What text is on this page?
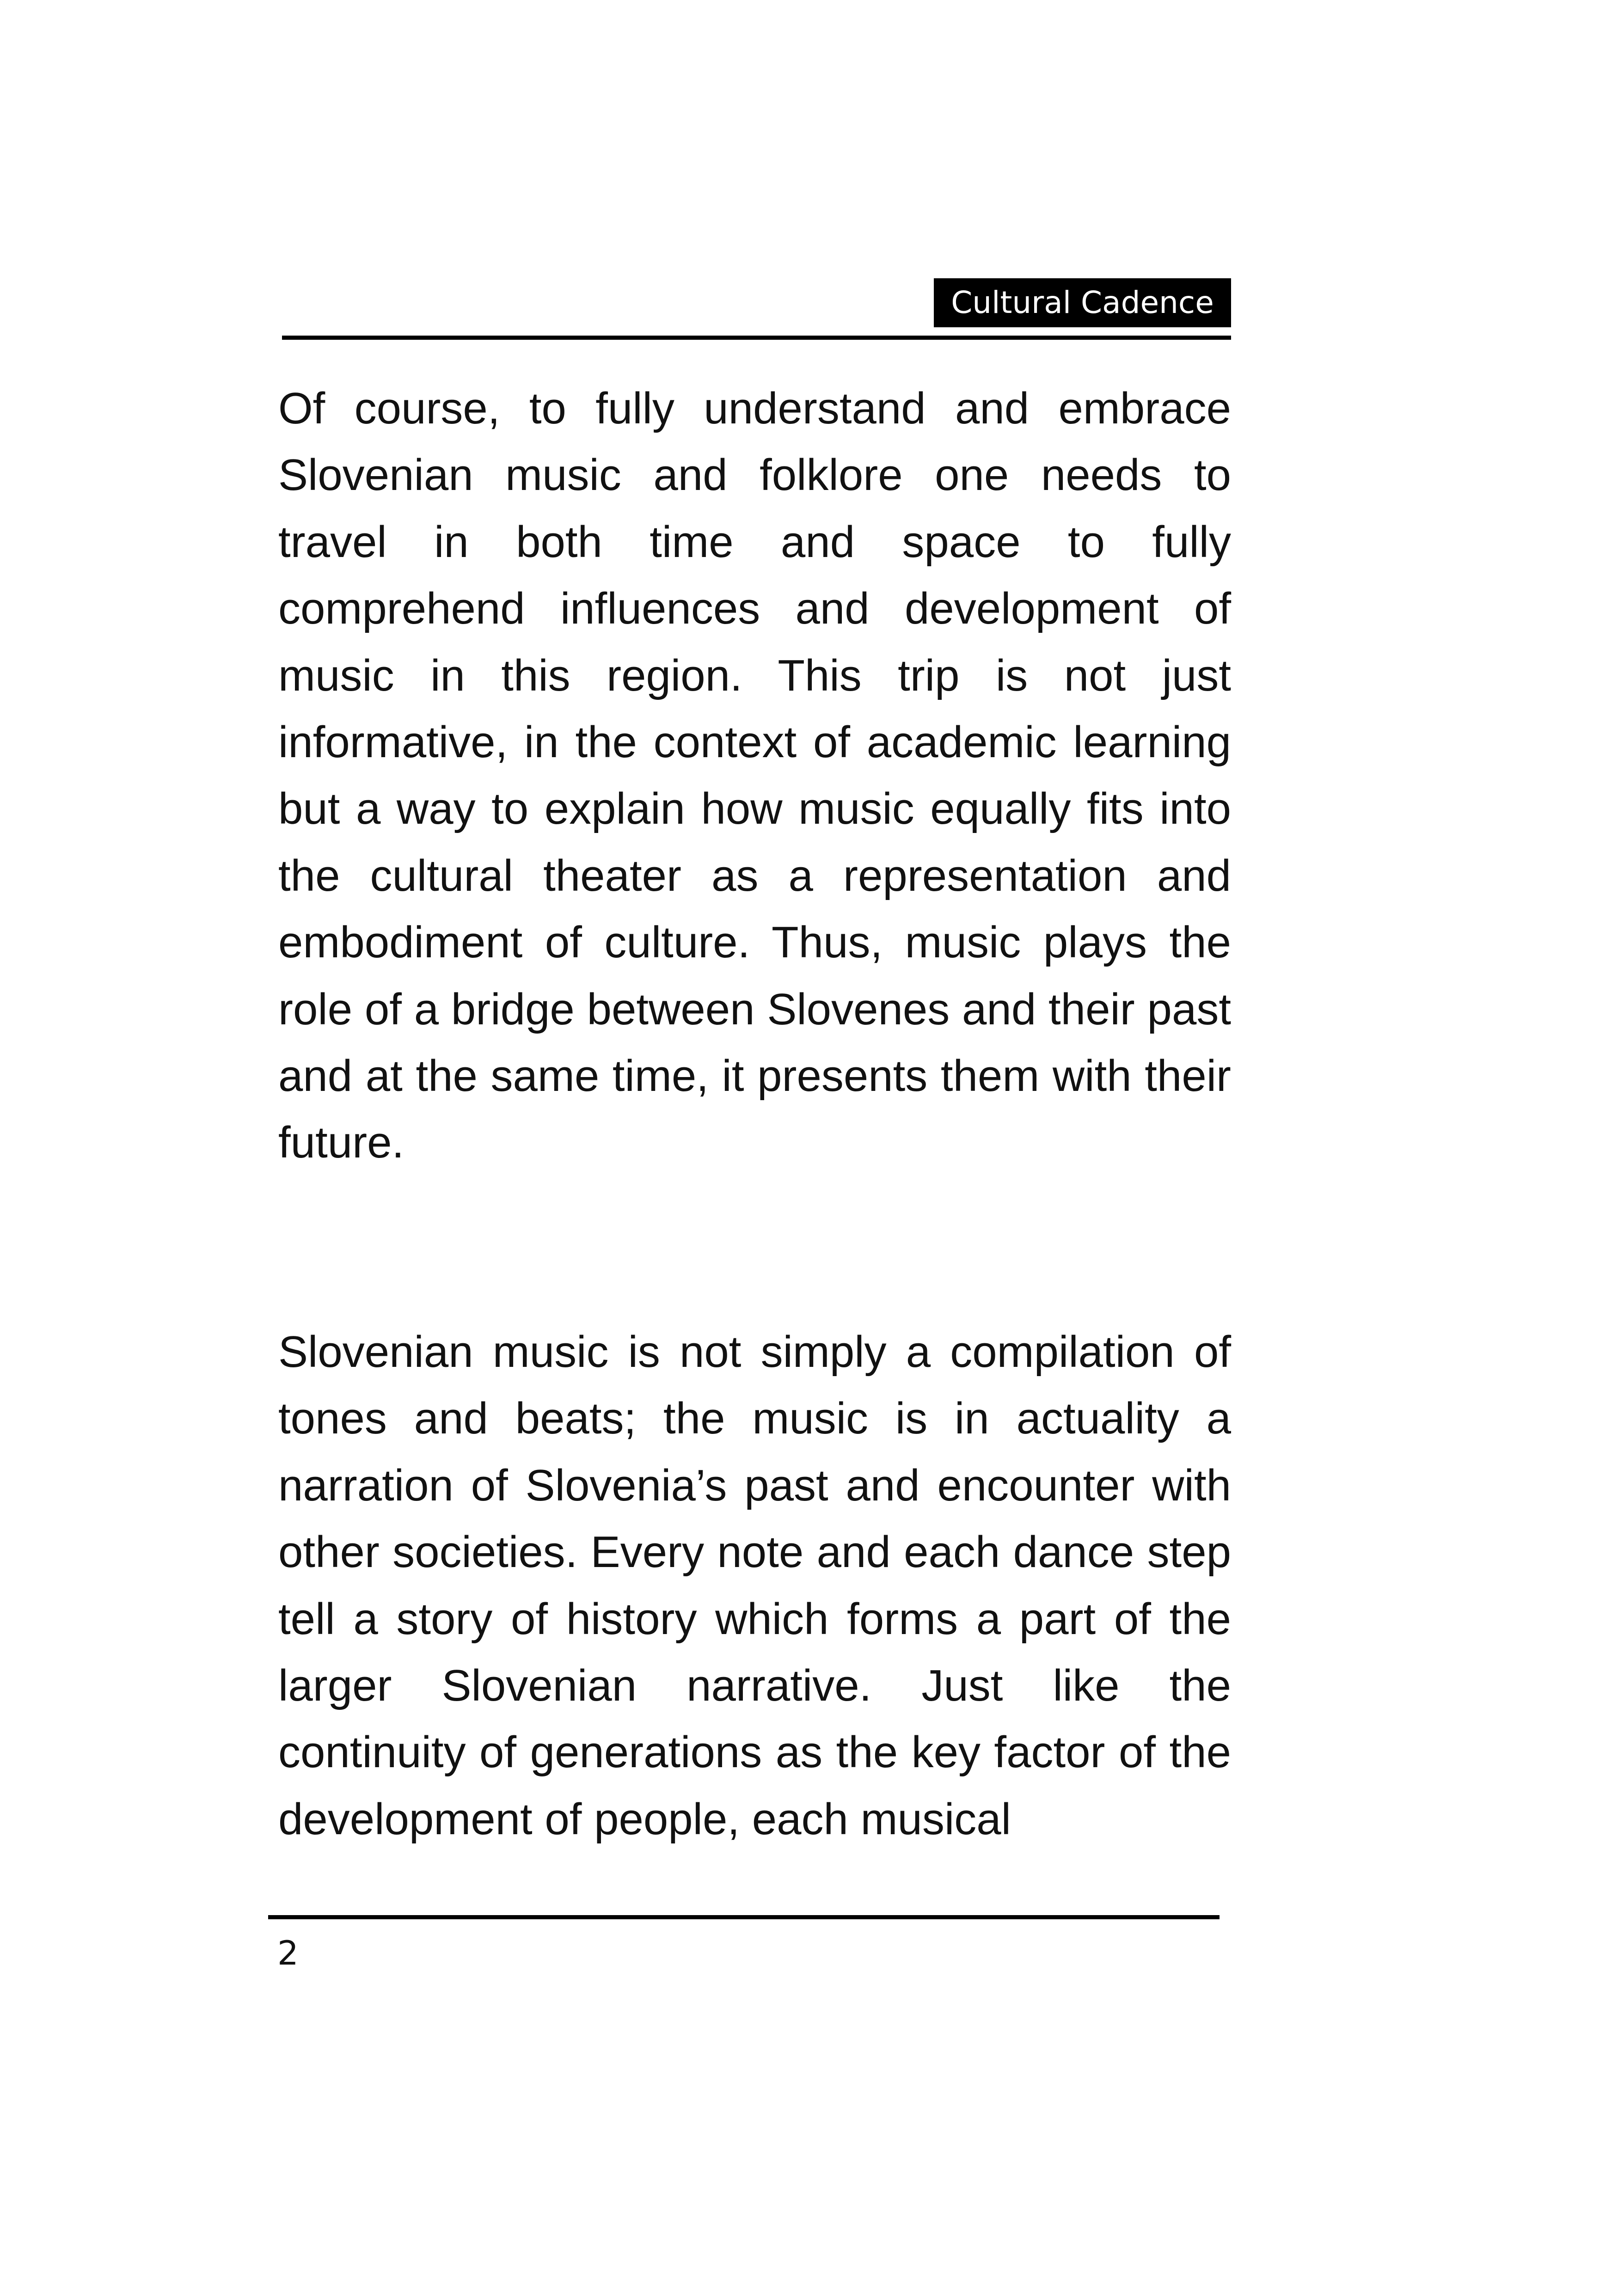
Cultural Cadence

Of course, to fully understand and embrace Slovenian music and folklore one needs to travel in both time and space to fully comprehend influences and development of music in this region. This trip is not just informative, in the context of academic learning but a way to explain how music equally fits into the cultural theater as a representation and embodiment of culture. Thus, music plays the role of a bridge between Slovenes and their past and at the same time, it presents them with their future.

Slovenian music is not simply a compilation of tones and beats; the music is in actuality a narration of Slovenia’s past and encounter with other societies. Every note and each dance step tell a story of history which forms a part of the larger Slovenian narrative. Just like the continuity of generations as the key factor of the development of people, each musical

2
